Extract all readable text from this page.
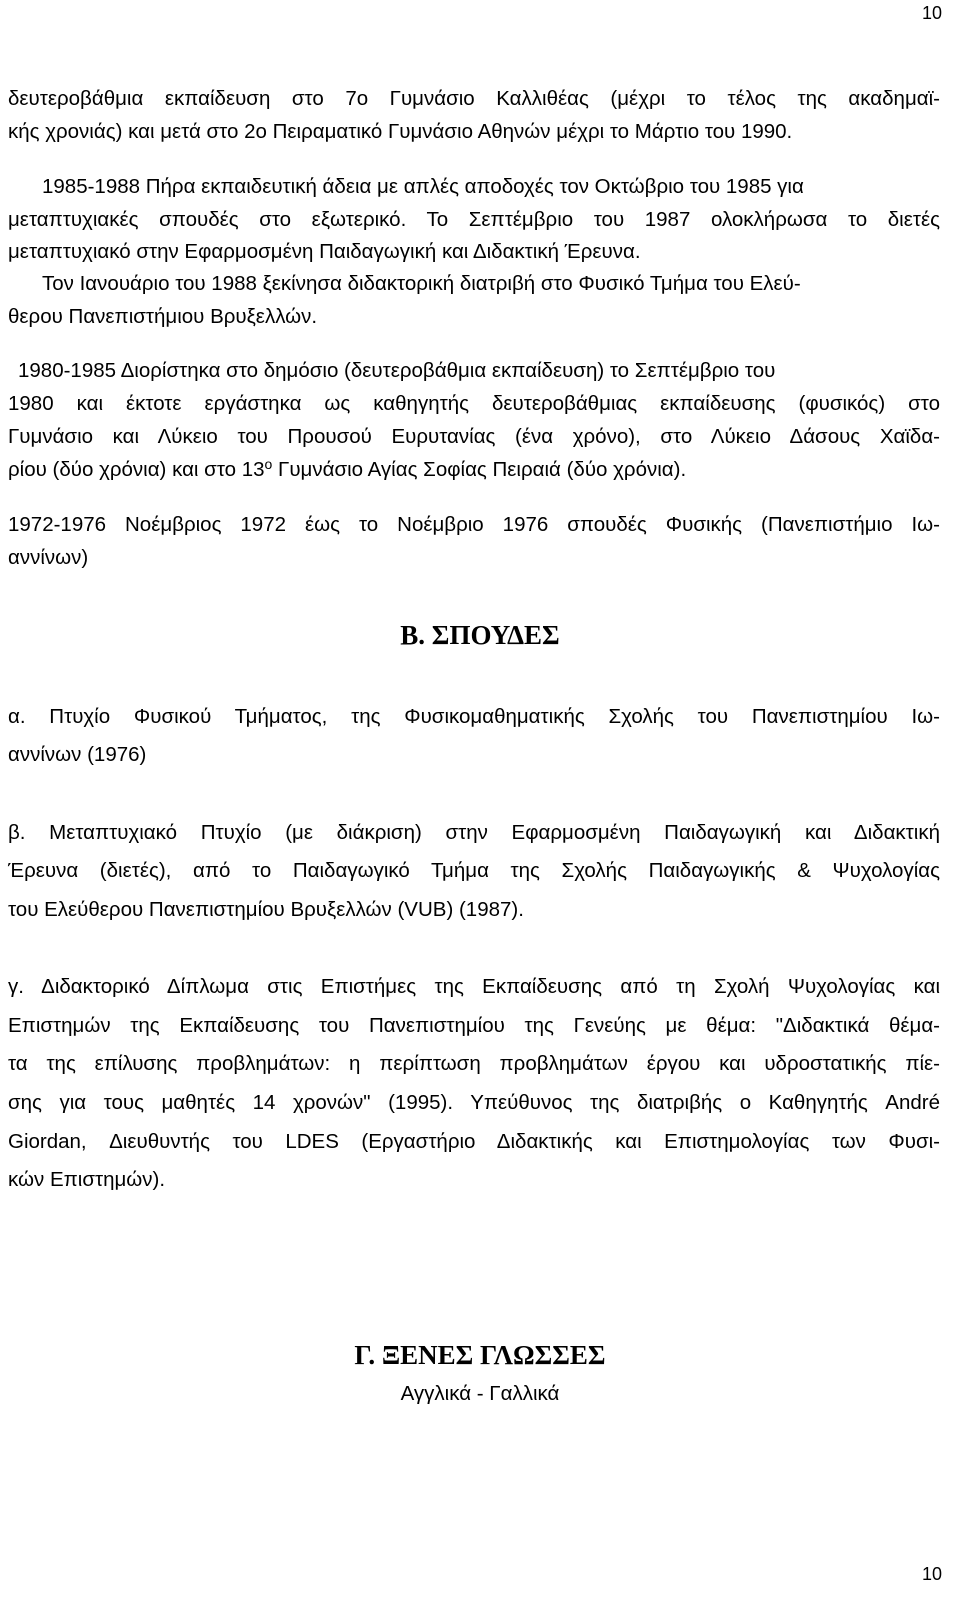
10
δευτεροβάθμια εκπαίδευση στο 7ο Γυμνάσιο Καλλιθέας (μέχρι το τέλος της ακαδημαϊ-
κής χρονιάς) και μετά στο 2ο Πειραματικό Γυμνάσιο Αθηνών μέχρι το Μάρτιο του 1990.
1985-1988 Πήρα εκπαιδευτική άδεια με απλές αποδοχές τον Οκτώβριο του 1985 για
μεταπτυχιακές σπουδές στο εξωτερικό. Το Σεπτέμβριο του 1987 ολοκλήρωσα το διετές
μεταπτυχιακό στην Εφαρμοσμένη Παιδαγωγική και Διδακτική Έρευνα.
Τον Ιανουάριο του 1988 ξεκίνησα διδακτορική διατριβή στο Φυσικό Τμήμα του Ελεύ-
θερου Πανεπιστήμιου Βρυξελλών.
1980-1985 Διορίστηκα στο δημόσιο (δευτεροβάθμια εκπαίδευση) το Σεπτέμβριο του
1980 και έκτοτε εργάστηκα ως καθηγητής δευτεροβάθμιας εκπαίδευσης (φυσικός) στο
Γυμνάσιο και Λύκειο του Προυσού Ευρυτανίας (ένα χρόνο), στο Λύκειο Δάσους Χαϊδα-
ρίου (δύο χρόνια) και στο $13^o$ Γυμνάσιο Αγίας Σοφίας Πειραιά (δύο χρόνια).
1972-1976 Νοέμβριος 1972 έως το Νοέμβριο 1976 σπουδές Φυσικής (Πανεπιστήμιο Ιω-
αννίνων)
Β. ΣΠΟΥΔΕΣ
α. Πτυχίο Φυσικού Τμήματος, της Φυσικομαθηματικής Σχολής του Πανεπιστημίου Ιω-
αννίνων (1976)
β. Μεταπτυχιακό Πτυχίο (με διάκριση) στην Εφαρμοσμένη Παιδαγωγική και Διδακτική
Έρευνα (διετές), από το Παιδαγωγικό Τμήμα της Σχολής Παιδαγωγικής & Ψυχολογίας
του Ελεύθερου Πανεπιστημίου Βρυξελλών (VUB) (1987).
γ. Διδακτορικό Δίπλωμα στις Επιστήμες της Εκπαίδευσης από τη Σχολή Ψυχολογίας και
Επιστημών της Εκπαίδευσης του Πανεπιστημίου της Γενεύης με θέμα: "Διδακτικά θέμα-
τα της επίλυσης προβλημάτων: η περίπτωση προβλημάτων έργου και υδροστατικής πίε-
σης για τους μαθητές 14 χρονών" (1995). Υπεύθυνος της διατριβής ο Καθηγητής André
Giordan, Διευθυντής του LDES (Εργαστήριο Διδακτικής και Επιστημολογίας των Φυσι-
κών Επιστημών).
Γ. ΞΕΝΕΣ ΓΛΩΣΣΕΣ
Αγγλικά - Γαλλικά
10
